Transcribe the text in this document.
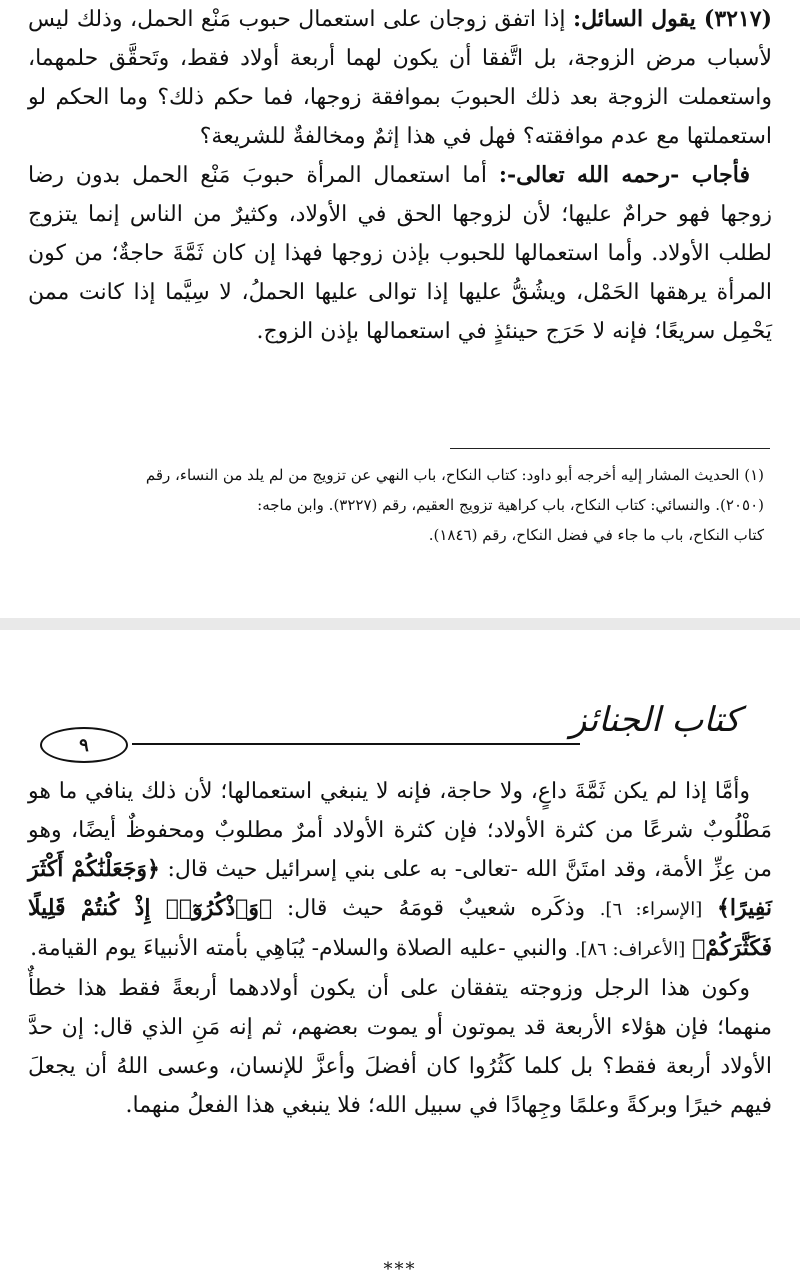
(٣٢١٧) يقول السائل: إذا اتفق زوجان على استعمال حبوب مَنْع الحمل، وذلك ليس لأسباب مرض الزوجة، بل اتَّفقا أن يكون لهما أربعة أولاد فقط، وتَحقَّق حلمهما، واستعملت الزوجة بعد ذلك الحبوبَ بموافقة زوجها، فما حكم ذلك؟ وما الحكم لو استعملتها مع عدم موافقته؟ فهل في هذا إثمٌ ومخالفةٌ للشريعة؟

فأجاب -رحمه الله تعالى-: أما استعمال المرأة حبوبَ مَنْع الحمل بدون رضا زوجها فهو حرامٌ عليها؛ لأن لزوجها الحق في الأولاد، وكثيرٌ من الناس إنما يتزوج لطلب الأولاد. وأما استعمالها للحبوب بإذن زوجها فهذا إن كان ثَمَّةَ حاجةٌ؛ من كون المرأة يرهقها الحَمْل، ويشُقُّ عليها إذا توالى عليها الحملُ، لا سِيَّما إذا كانت ممن يَحْمِل سريعًا؛ فإنه لا حَرَج حينئذٍ في استعمالها بإذن الزوج.

(١) الحديث المشار إليه أخرجه أبو داود: كتاب النكاح، باب النهي عن تزويج من لم يلد من النساء، رقم

(٢٠٥٠). والنسائي: كتاب النكاح، باب كراهية تزويج العقيم، رقم (٣٢٢٧). وابن ماجه:

كتاب النكاح، باب ما جاء في فضل النكاح، رقم (١٨٤٦).

٩
كتاب الجنائز

وأمَّا إذا لم يكن ثَمَّةَ داعٍ، ولا حاجة، فإنه لا ينبغي استعمالها؛ لأن ذلك ينافي ما هو مَطْلُوبٌ شرعًا من كثرة الأولاد؛ فإن كثرة الأولاد أمرٌ مطلوبٌ ومحفوظٌ أيضًا، وهو من عِزِّ الأمة، وقد امتَنَّ الله -تعالى- به على بني إسرائيل حيث قال: ﴿وَجَعَلْنَٰكُمْ أَكْثَرَ نَفِيرًا﴾ [الإسراء: ٦]. وذكَره شعيبٌ قومَهُ حيث قال: ﴿وَٱذْكُرُوٓا۟ إِذْ كُنتُمْ قَلِيلًا فَكَثَّرَكُمْ﴾ [الأعراف: ٨٦]. والنبي -عليه الصلاة والسلام- يُبَاهِي بأمته الأنبياءَ يوم القيامة.

وكون هذا الرجل وزوجته يتفقان على أن يكون أولادهما أربعةً فقط هذا خطأٌ منهما؛ فإن هؤلاء الأربعة قد يموتون أو يموت بعضهم، ثم إنه مَنِ الذي قال: إن حدَّ الأولاد أربعة فقط؟ بل كلما كَثُرُوا كان أفضلَ وأعزَّ للإنسان، وعسى اللهُ أن يجعلَ فيهم خيرًا وبركةً وعلمًا وجِهادًا في سبيل الله؛ فلا ينبغي هذا الفعلُ منهما.

***
